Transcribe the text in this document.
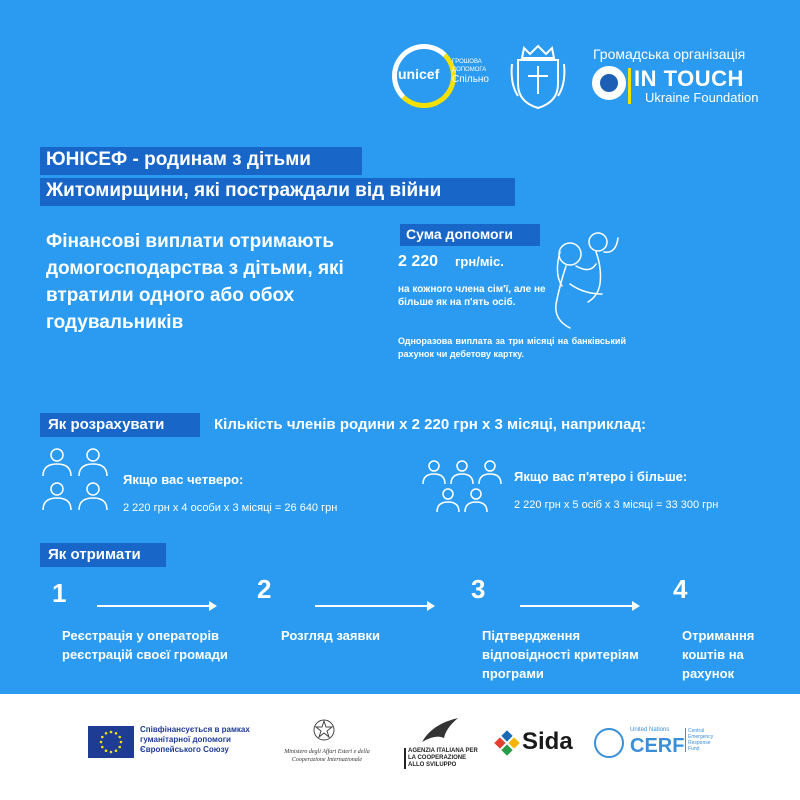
unicef
ГРОШОВА ДОПОМОГА
Спільно
Громадська організація
IN TOUCH
Ukraine Foundation
ЮНІСЕФ - родинам з дітьми
Житомирщини, які постраждали від війни
Фінансові виплати отримають домогосподарства з дітьми, які втратили одного або обох годувальників
Сума допомоги
2 220 грн/міс.
на кожного члена сім'ї, але не більше як на п'ять осіб.
Одноразова виплата за три місяці на банківський рахунок чи дебетову картку.
Як розрахувати	Кількість членів родини х 2 220 грн х 3 місяці, наприклад:
Якщо вас четверо:
2 220 грн х 4 особи х 3 місяці = 26 640 грн
Якщо вас п'ятеро і більше:
2 220 грн х 5 осіб х 3 місяці = 33 300 грн
Як отримати
1	2	3	4
Реєстрація у операторів реєстрацій своєї громади
Розгляд заявки	Підтвердження відповідності критеріям програми
Отримання коштів на рахунок
Співфінансується в рамках гуманітарної допомоги Європейського Союзу	Ministero degli Affari Esteri e della Cooperazione Internazionale
AGENZIA ITALIANA PER LA COOPERAZIONE ALLO SVILUPPO
Sida	United Nations
CERF
Central Emergency Response Fund
